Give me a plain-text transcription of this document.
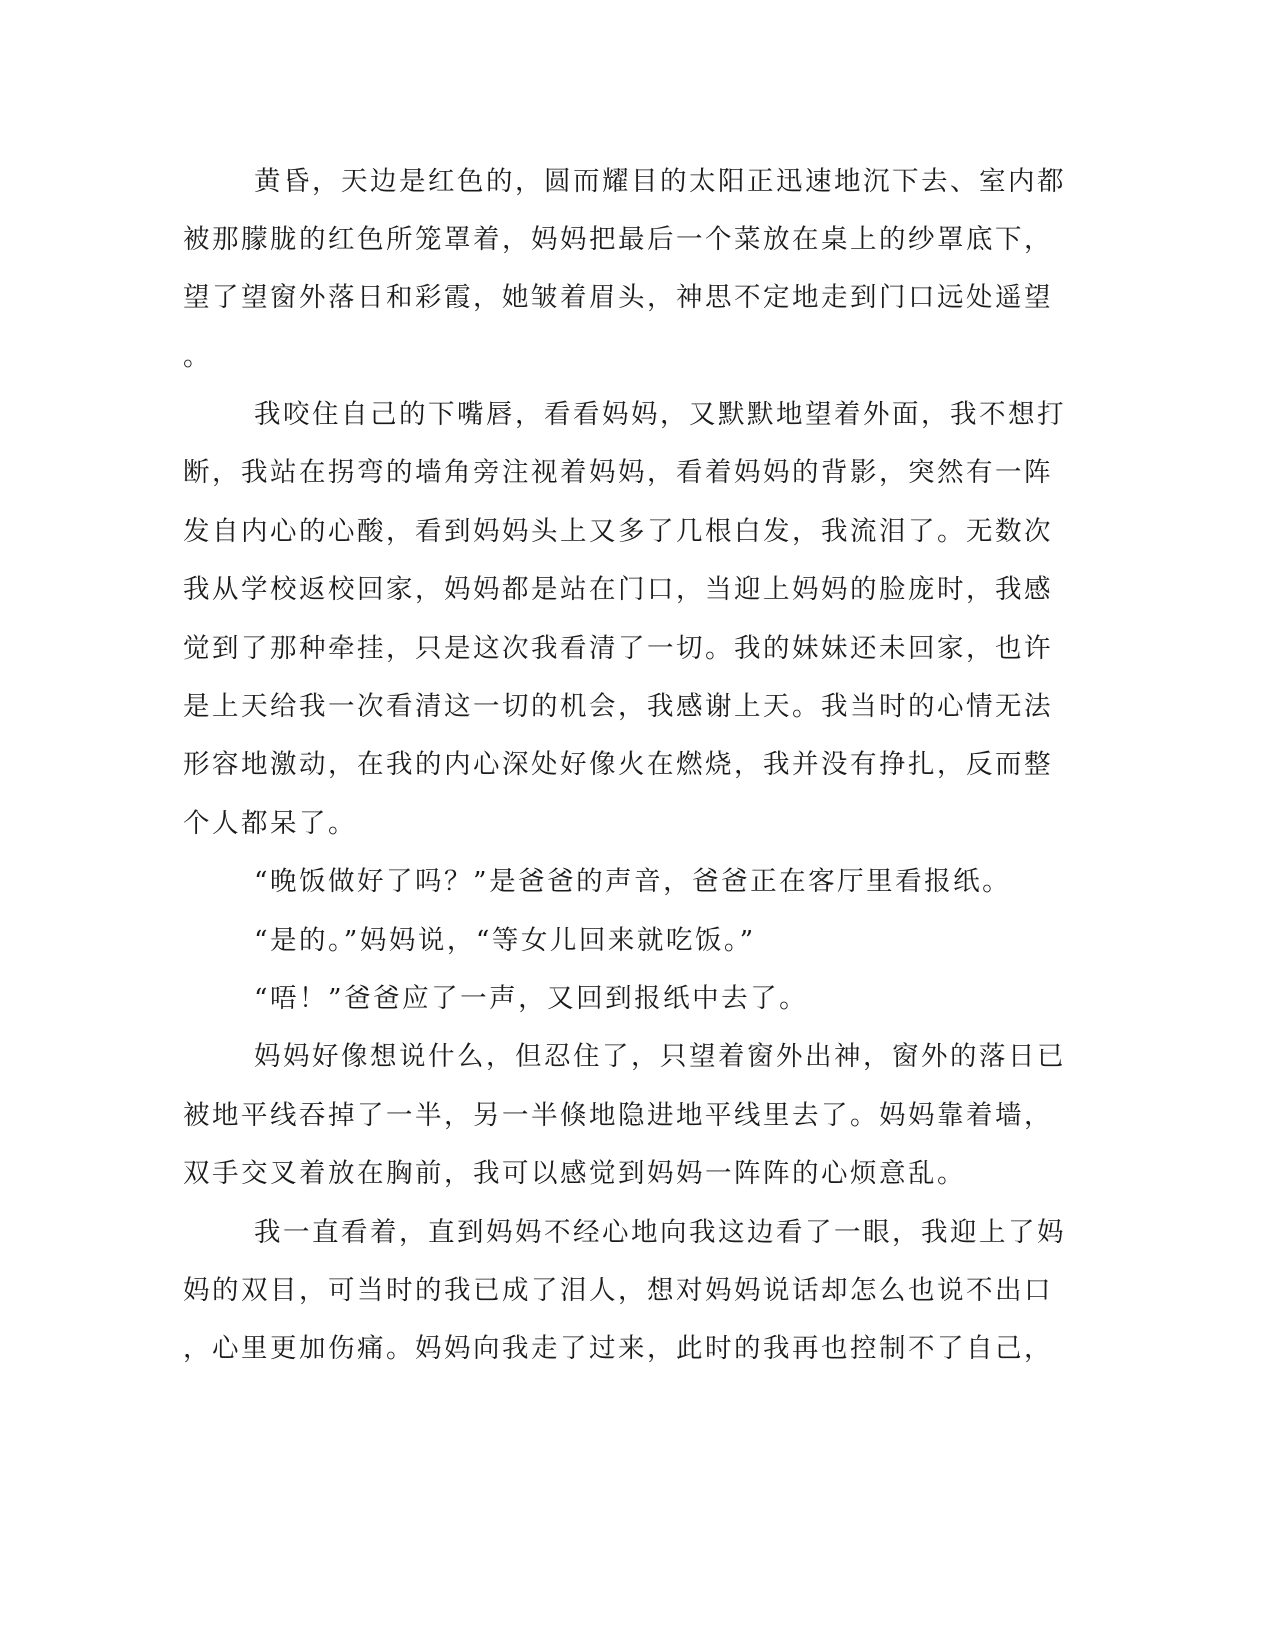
黄昏，天边是红色的，圆而耀目的太阳正迅速地沉下去、室内都

被那朦胧的红色所笼罩着，妈妈把最后一个菜放在桌上的纱罩底下，

望了望窗外落日和彩霞，她皱着眉头，神思不定地走到门口远处遥望

。

我咬住自己的下嘴唇，看看妈妈，又默默地望着外面，我不想打

断，我站在拐弯的墙角旁注视着妈妈，看着妈妈的背影，突然有一阵

发自内心的心酸，看到妈妈头上又多了几根白发，我流泪了。无数次

我从学校返校回家，妈妈都是站在门口，当迎上妈妈的脸庞时，我感

觉到了那种牵挂，只是这次我看清了一切。我的妹妹还未回家，也许

是上天给我一次看清这一切的机会，我感谢上天。我当时的心情无法

形容地激动，在我的内心深处好像火在燃烧，我并没有挣扎，反而整

个人都呆了。

“晚饭做好了吗？”是爸爸的声音，爸爸正在客厅里看报纸。

“是的。”妈妈说，“等女儿回来就吃饭。”

“唔！”爸爸应了一声，又回到报纸中去了。

妈妈好像想说什么，但忍住了，只望着窗外出神，窗外的落日已

被地平线吞掉了一半，另一半倏地隐进地平线里去了。妈妈靠着墙，

双手交叉着放在胸前，我可以感觉到妈妈一阵阵的心烦意乱。

我一直看着，直到妈妈不经心地向我这边看了一眼，我迎上了妈

妈的双目，可当时的我已成了泪人，想对妈妈说话却怎么也说不出口

，心里更加伤痛。妈妈向我走了过来，此时的我再也控制不了自己，
